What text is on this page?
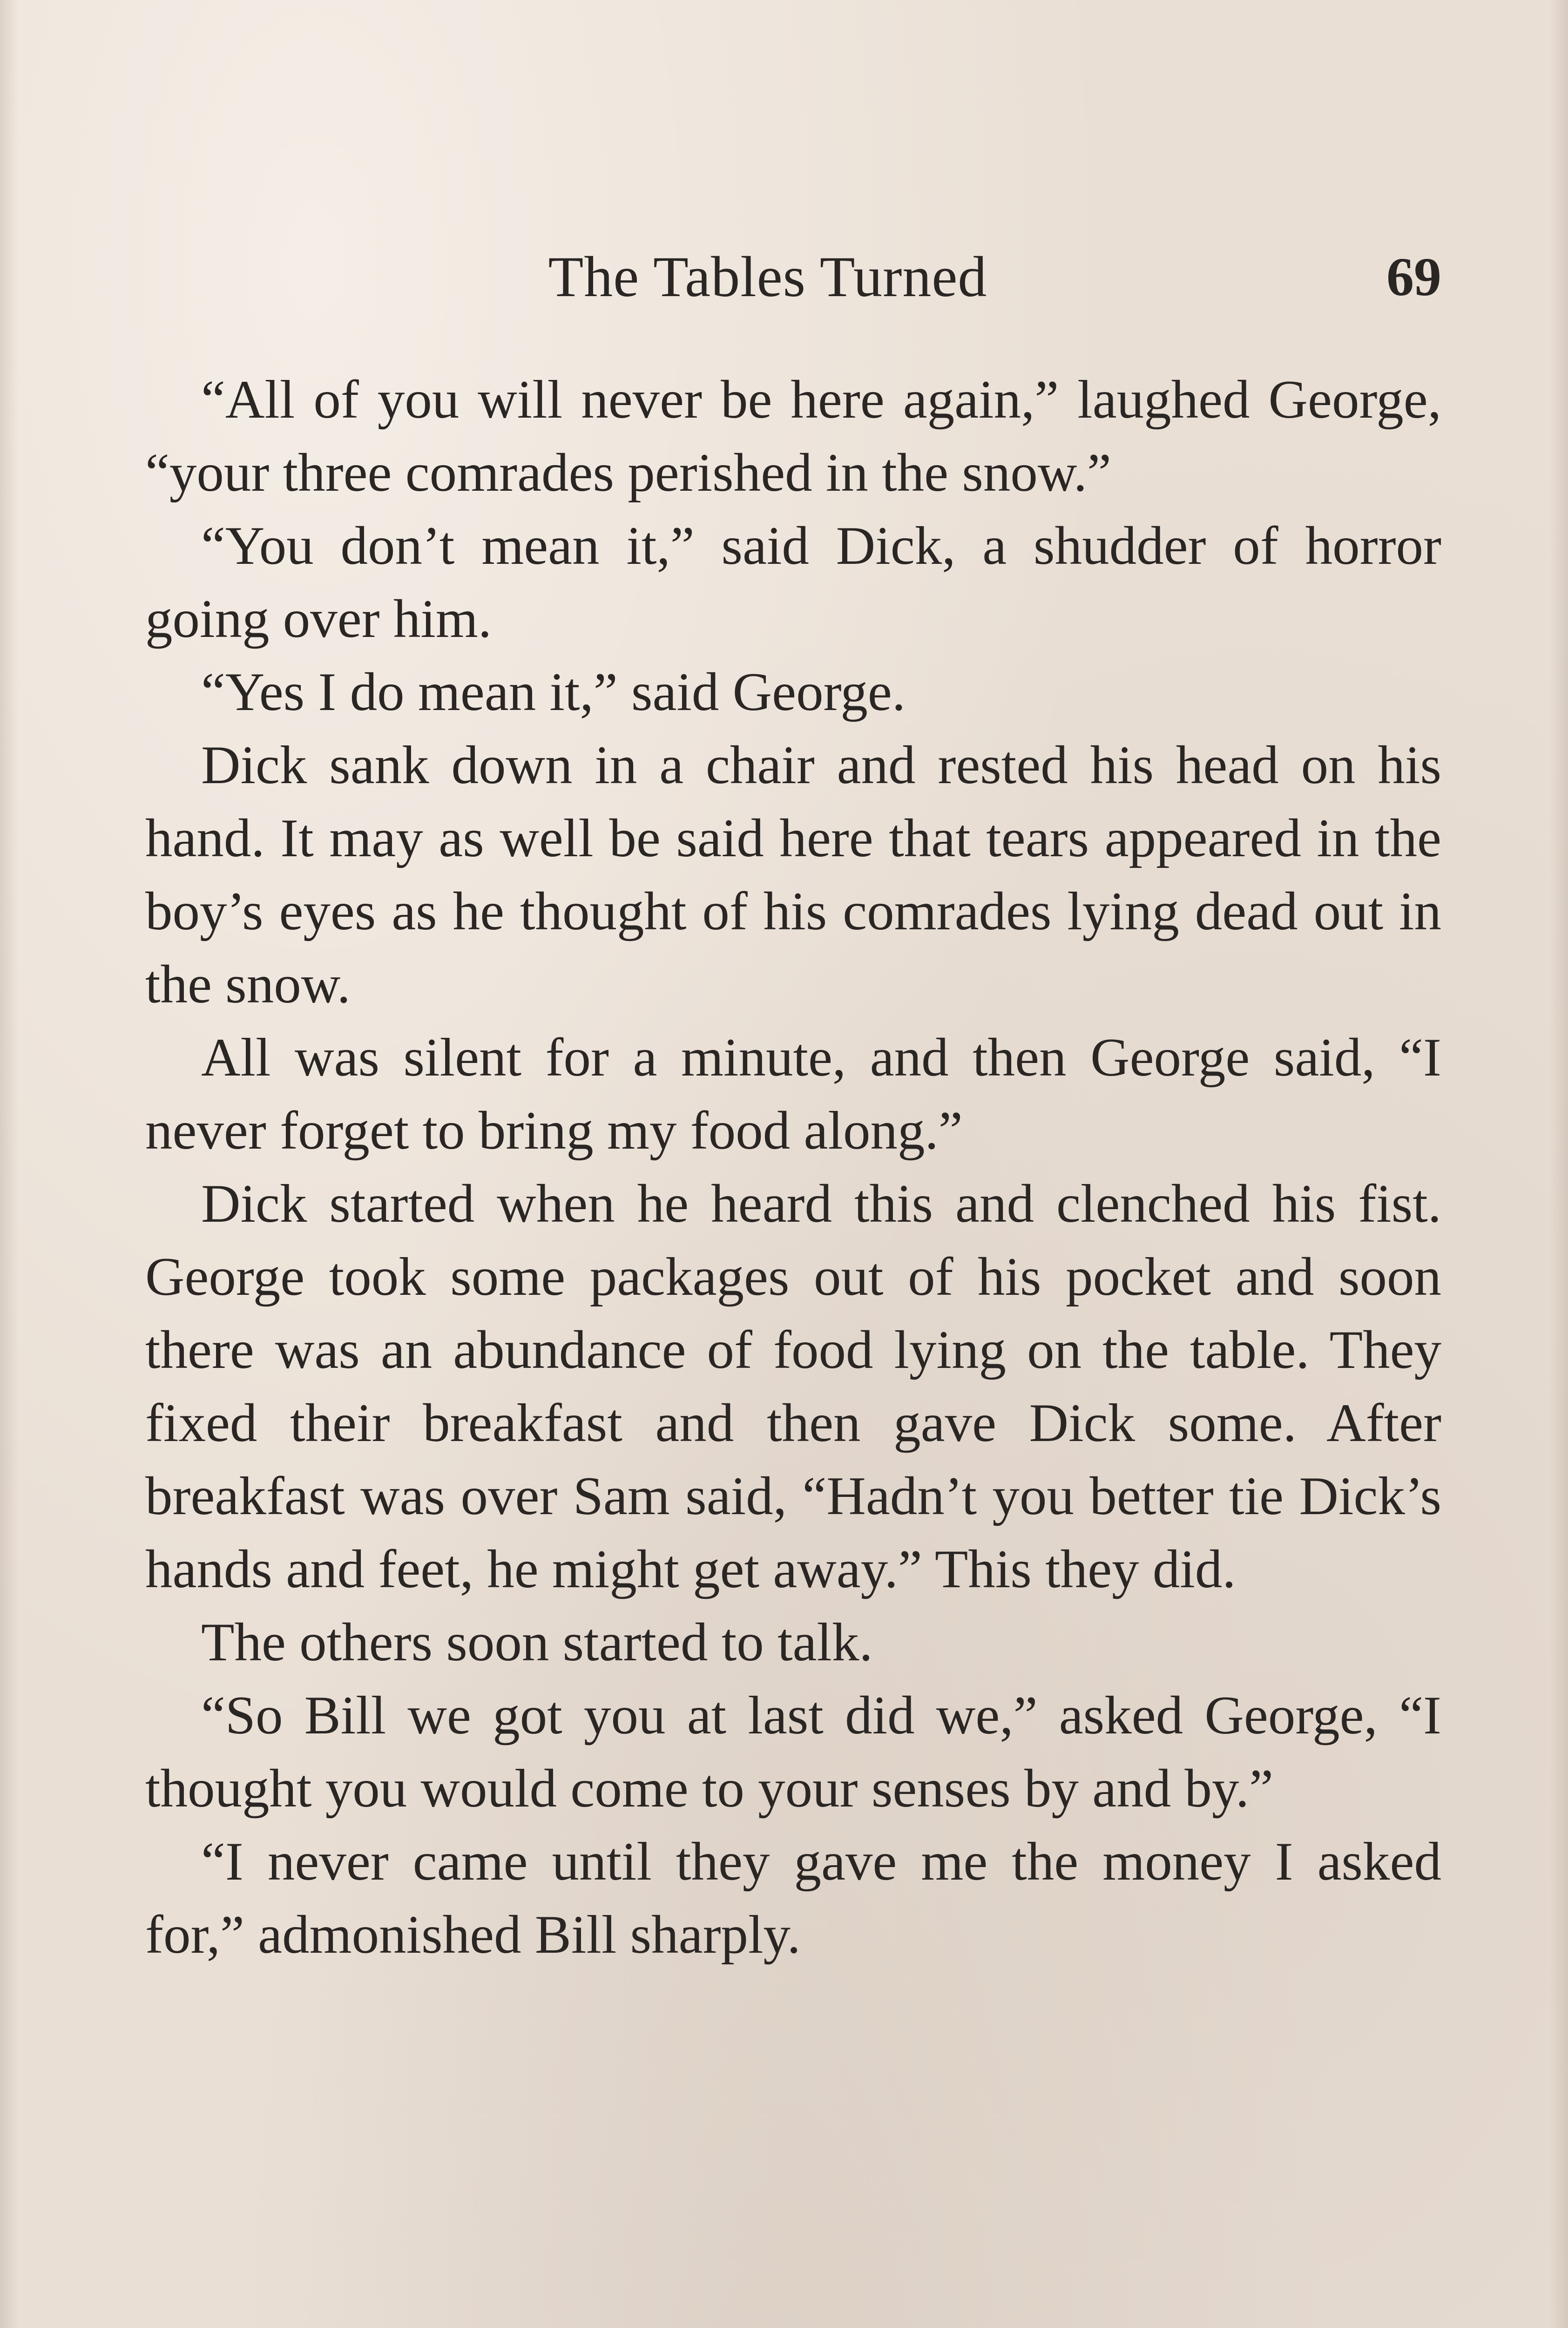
The Tables Turned	69

“All of you will never be here again,” laughed George, “your three comrades perished in the snow.”

“You don’t mean it,” said Dick, a shudder of horror going over him.

“Yes I do mean it,” said George.

Dick sank down in a chair and rested his head on his hand. It may as well be said here that tears appeared in the boy’s eyes as he thought of his comrades lying dead out in the snow.

All was silent for a minute, and then George said, “I never forget to bring my food along.”

Dick started when he heard this and clenched his fist. George took some packages out of his pocket and soon there was an abundance of food lying on the table. They fixed their breakfast and then gave Dick some. After breakfast was over Sam said, “Hadn’t you better tie Dick’s hands and feet, he might get away.” This they did.

The others soon started to talk.

“So Bill we got you at last did we,” asked George, “I thought you would come to your senses by and by.”

“I never came until they gave me the money I asked for,” admonished Bill sharply.
